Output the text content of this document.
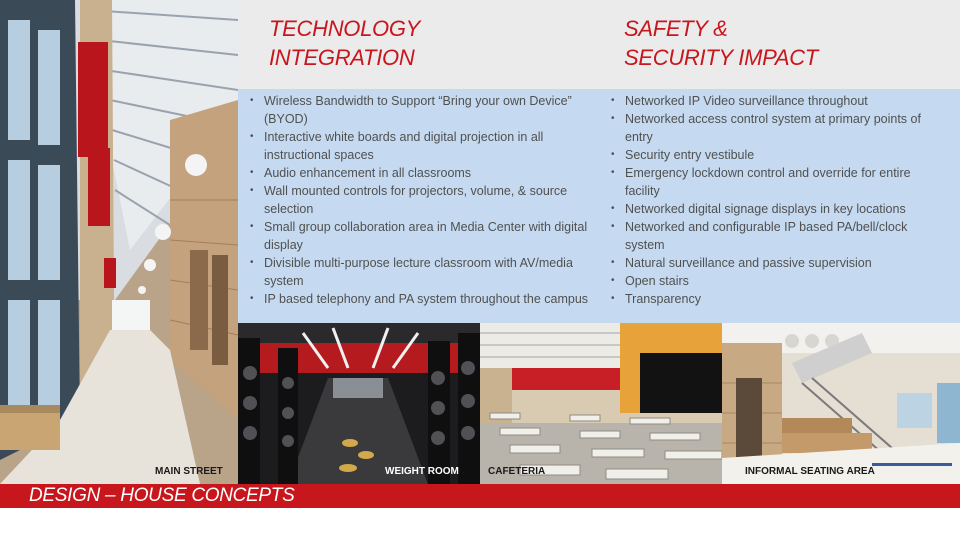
TECHNOLOGY
INTEGRATION
SAFETY &
SECURITY IMPACT
• Wireless Bandwidth to Support “Bring your own Device” (BYOD)
• Interactive white boards and digital projection in all instructional spaces
• Audio enhancement in all classrooms
• Wall mounted controls for projectors, volume, & source selection
• Small group collaboration area in Media Center with digital display
• Divisible multi-purpose lecture classroom with AV/media system
• IP based telephony and PA system throughout the campus
• Networked IP Video surveillance throughout
• Networked access control system at primary points of entry
• Security entry vestibule
• Emergency lockdown control and override for entire facility
• Networked digital signage displays in key locations
• Networked and configurable IP based PA/bell/clock system
• Natural surveillance and passive supervision
• Open stairs
• Transparency
MAIN STREET	WEIGHT ROOM	CAFETERIA	INFORMAL SEATING AREA
DESIGN – HOUSE CONCEPTS
